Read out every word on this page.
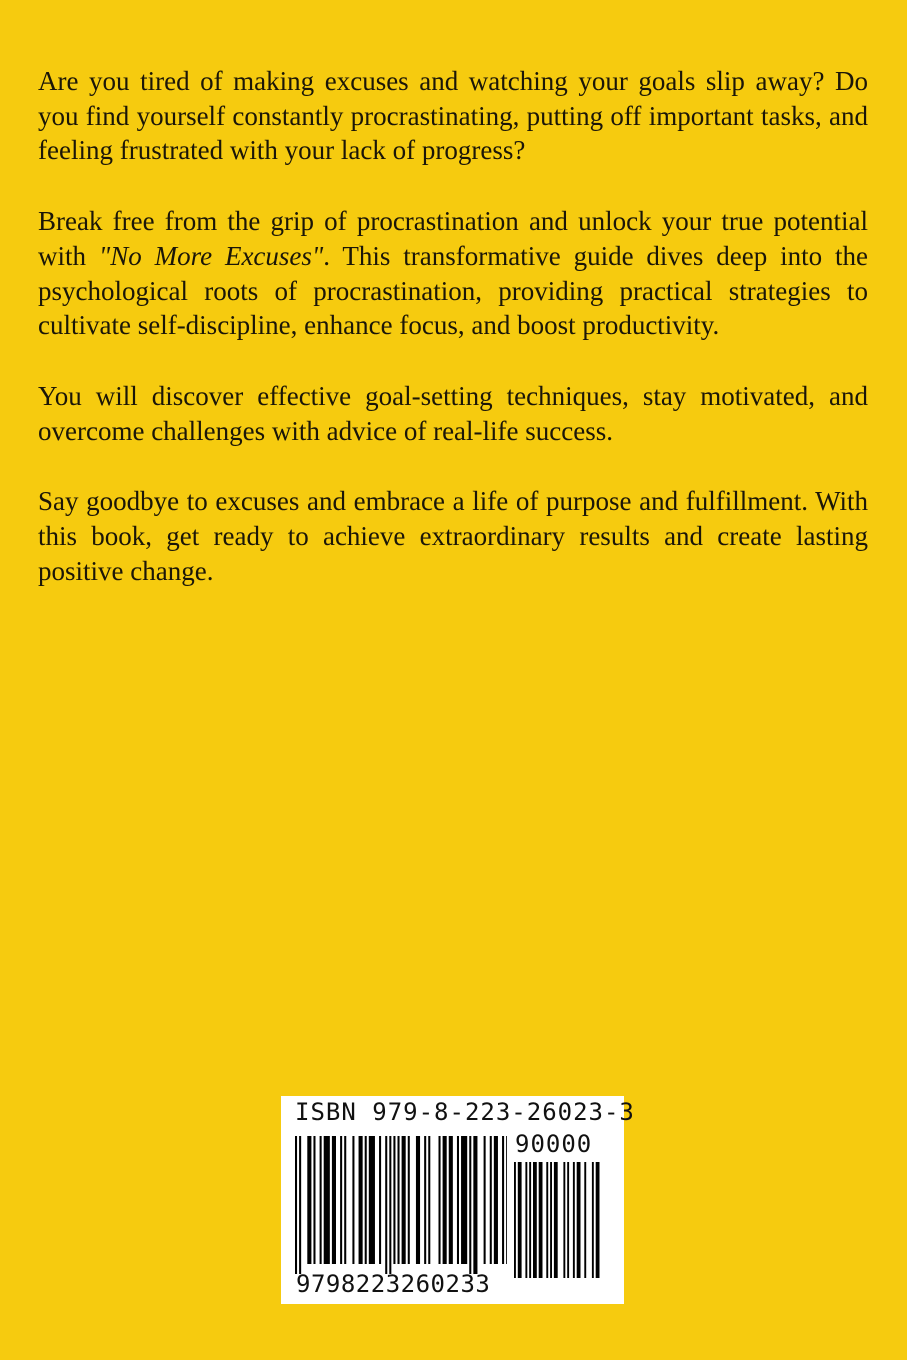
Are you tired of making excuses and watching your goals slip away? Do you find yourself constantly procrastinating, putting off important tasks, and feeling frustrated with your lack of progress?

Break free from the grip of procrastination and unlock your true potential with "No More Excuses". This transformative guide dives deep into the psychological roots of procrastination, providing practical strategies to cultivate self-discipline, enhance focus, and boost productivity.

You will discover effective goal-setting techniques, stay motivated, and overcome challenges with advice of real-life success.

Say goodbye to excuses and embrace a life of purpose and fulfillment. With this book, get ready to achieve extraordinary results and create lasting positive change.

ISBN 979-8-223-26023-3
90000
9798223260233
